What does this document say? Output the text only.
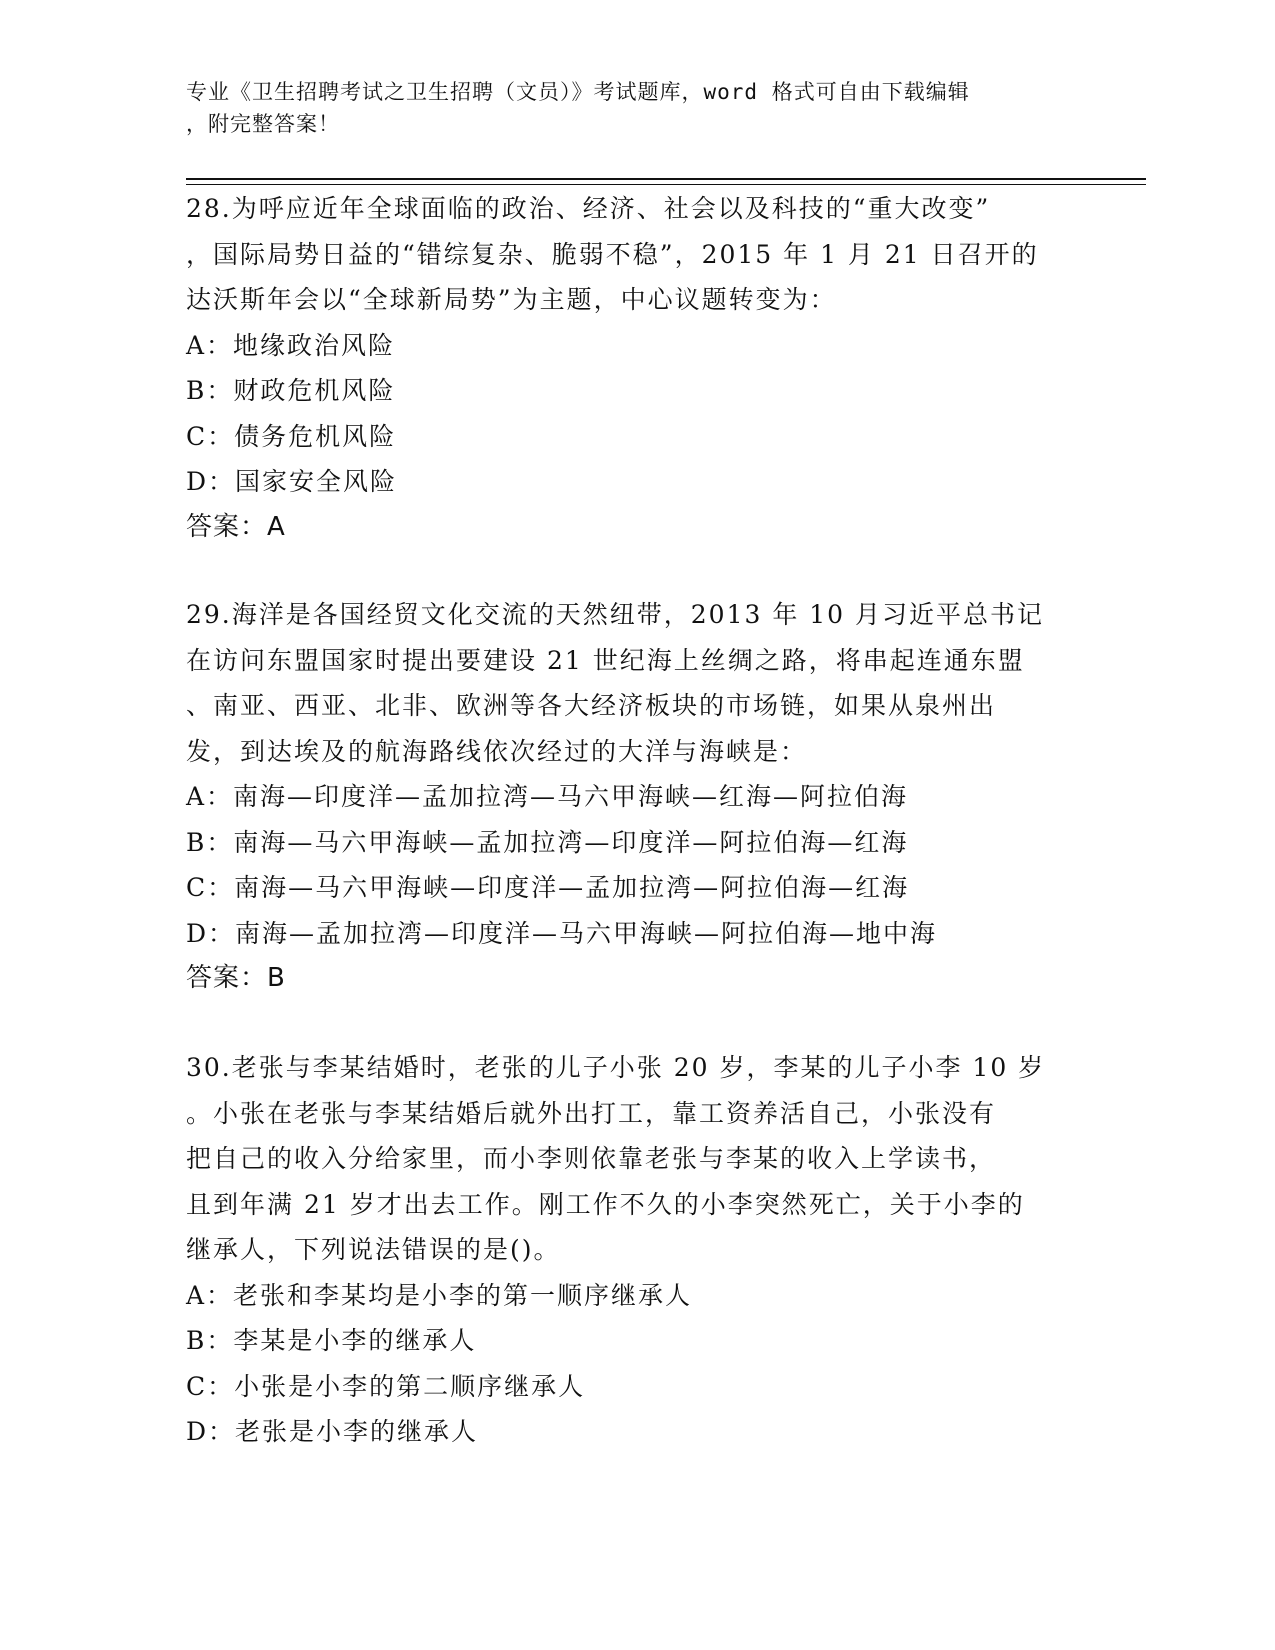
专业《卫生招聘考试之卫生招聘（文员）》考试题库，word 格式可自由下载编辑
，附完整答案！
28.为呼应近年全球面临的政治、经济、社会以及科技的“重大改变”
，国际局势日益的“错综复杂、脆弱不稳”，2015 年 1 月 21 日召开的
达沃斯年会以“全球新局势”为主题，中心议题转变为：
A：地缘政治风险
B：财政危机风险
C：债务危机风险
D：国家安全风险
答案：A
29.海洋是各国经贸文化交流的天然纽带，2013 年 10 月习近平总书记
在访问东盟国家时提出要建设 21 世纪海上丝绸之路，将串起连通东盟
、南亚、西亚、北非、欧洲等各大经济板块的市场链，如果从泉州出
发，到达埃及的航海路线依次经过的大洋与海峡是：
A：南海—印度洋—孟加拉湾—马六甲海峡—红海—阿拉伯海
B：南海—马六甲海峡—孟加拉湾—印度洋—阿拉伯海—红海
C：南海—马六甲海峡—印度洋—孟加拉湾—阿拉伯海—红海
D：南海—孟加拉湾—印度洋—马六甲海峡—阿拉伯海—地中海
答案：B
30.老张与李某结婚时，老张的儿子小张 20 岁，李某的儿子小李 10 岁
。小张在老张与李某结婚后就外出打工，靠工资养活自己，小张没有
把自己的收入分给家里，而小李则依靠老张与李某的收入上学读书，
且到年满 21 岁才出去工作。刚工作不久的小李突然死亡，关于小李的
继承人，下列说法错误的是()。
A：老张和李某均是小李的第一顺序继承人
B：李某是小李的继承人
C：小张是小李的第二顺序继承人
D：老张是小李的继承人
